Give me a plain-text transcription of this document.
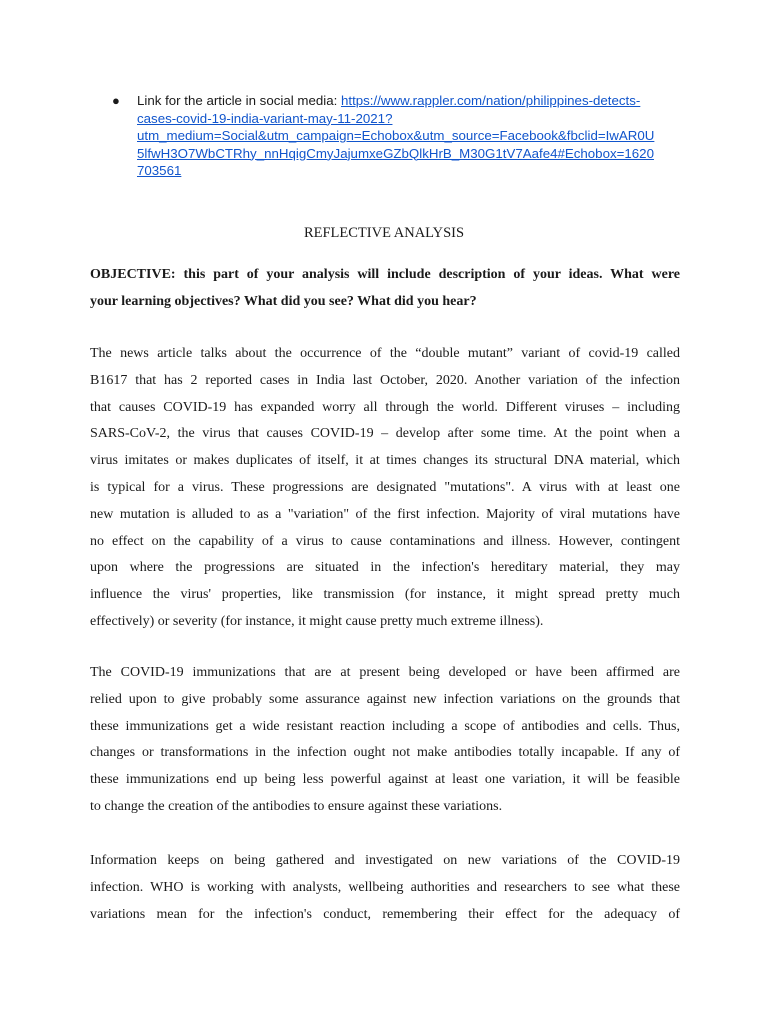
● Link for the article in social media: https://www.rappler.com/nation/philippines-detects-
cases-covid-19-india-variant-may-11-2021?
utm_medium=Social&utm_campaign=Echobox&utm_source=Facebook&fbclid=IwAR0U
5lfwH3O7WbCTRhy_nnHqigCmyJajumxeGZbQlkHrB_M30G1tV7Aafe4#Echobox=1620
703561
REFLECTIVE ANALYSIS
OBJECTIVE: this part of your analysis will include description of your ideas. What were
your learning objectives? What did you see? What did you hear?
The news article talks about the occurrence of the “double mutant” variant of covid-19 called
B1617 that has 2 reported cases in India last October, 2020. Another variation of the infection
that causes COVID-19 has expanded worry all through the world. Different viruses – including
SARS-CoV-2, the virus that causes COVID-19 – develop after some time. At the point when a
virus imitates or makes duplicates of itself, it at times changes its structural DNA material, which
is typical for a virus. These progressions are designated "mutations". A virus with at least one
new mutation is alluded to as a "variation" of the first infection. Majority of viral mutations have
no effect on the capability of a virus to cause contaminations and illness. However, contingent
upon where the progressions are situated in the infection's hereditary material, they may
influence the virus' properties, like transmission (for instance, it might spread pretty much
effectively) or severity (for instance, it might cause pretty much extreme illness).
The COVID-19 immunizations that are at present being developed or have been affirmed are
relied upon to give probably some assurance against new infection variations on the grounds that
these immunizations get a wide resistant reaction including a scope of antibodies and cells. Thus,
changes or transformations in the infection ought not make antibodies totally incapable. If any of
these immunizations end up being less powerful against at least one variation, it will be feasible
to change the creation of the antibodies to ensure against these variations.
Information keeps on being gathered and investigated on new variations of the COVID-19
infection. WHO is working with analysts, wellbeing authorities and researchers to see what these
variations mean for the infection's conduct, remembering their effect for the adequacy of
